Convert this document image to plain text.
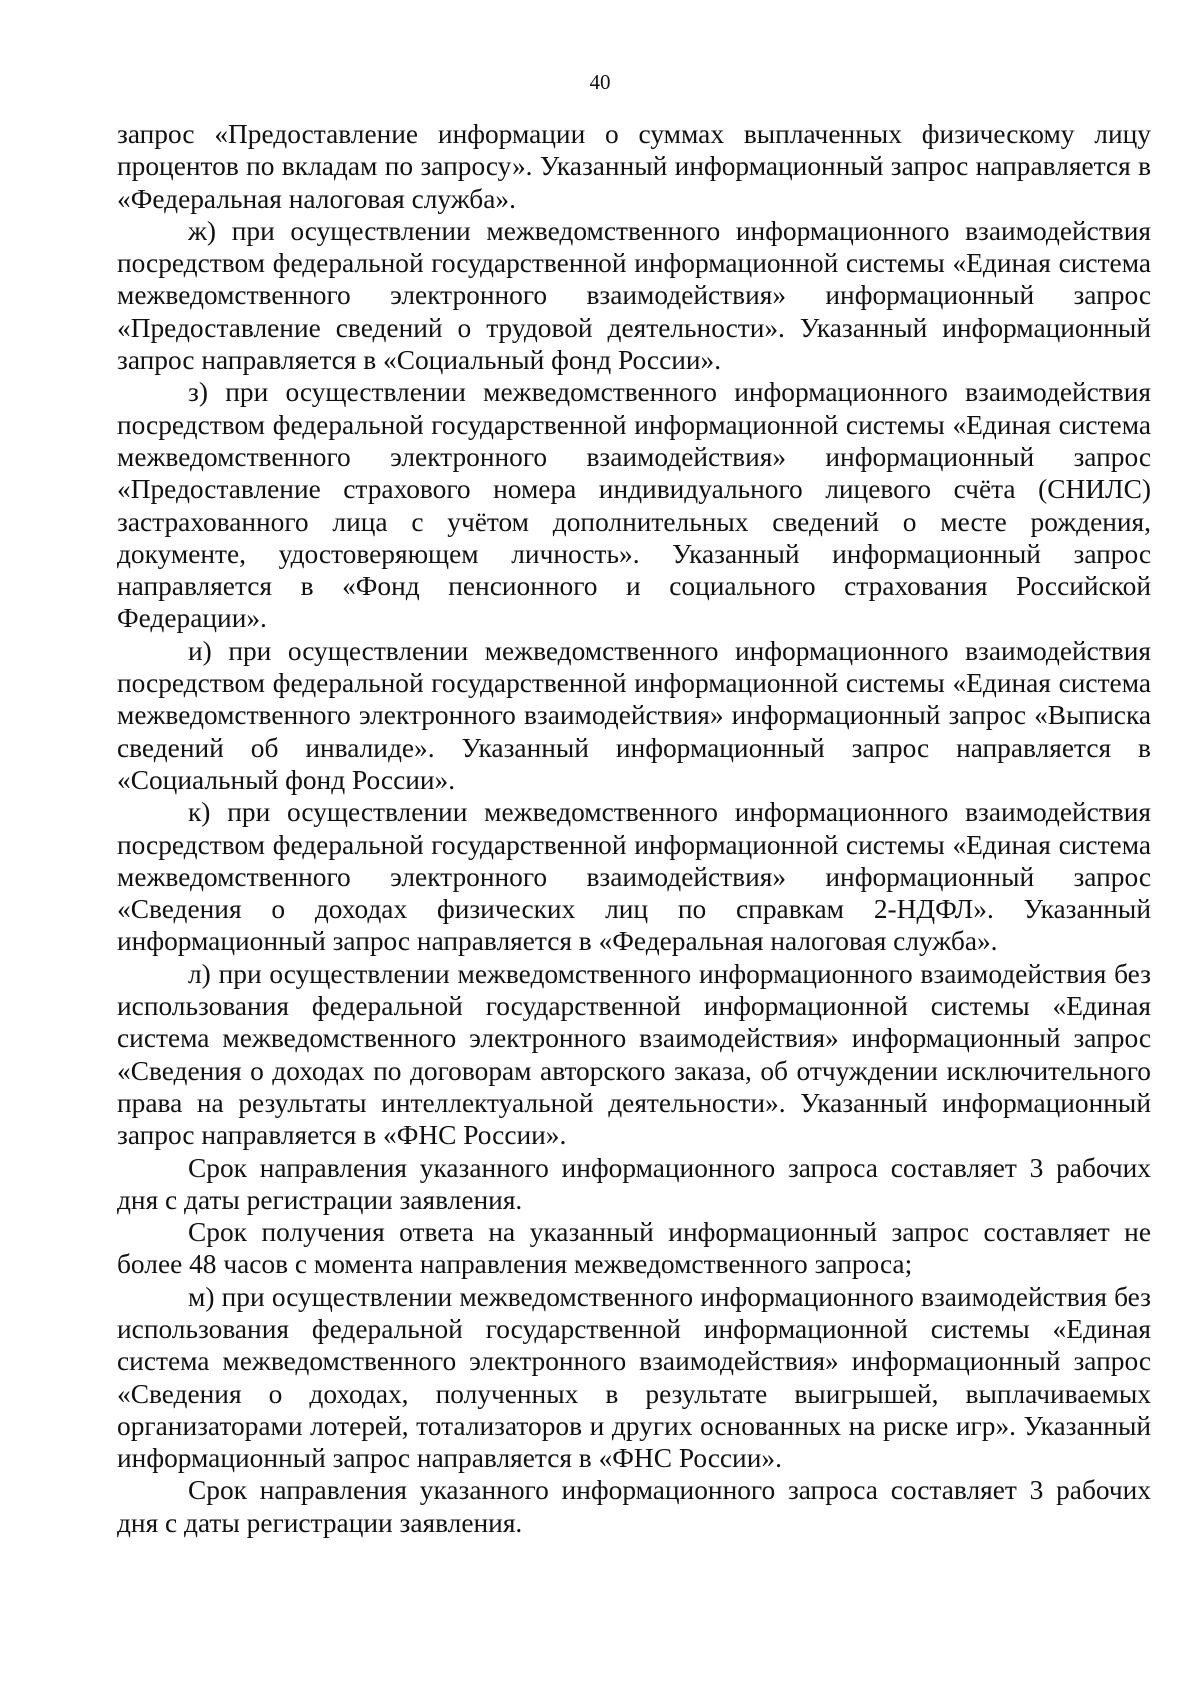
40

запрос «Предоставление информации о суммах выплаченных физическому лицу процентов по вкладам по запросу». Указанный информационный запрос направляется в «Федеральная налоговая служба».

ж) при осуществлении межведомственного информационного взаимодействия посредством федеральной государственной информационной системы «Единая система межведомственного электронного взаимодействия» информационный запрос «Предоставление сведений о трудовой деятельности». Указанный информационный запрос направляется в «Социальный фонд России».

з) при осуществлении межведомственного информационного взаимодействия посредством федеральной государственной информационной системы «Единая система межведомственного электронного взаимодействия» информационный запрос «Предоставление страхового номера индивидуального лицевого счёта (СНИЛС) застрахованного лица с учётом дополнительных сведений о месте рождения, документе, удостоверяющем личность». Указанный информационный запрос направляется в «Фонд пенсионного и социального страхования Российской Федерации».

и) при осуществлении межведомственного информационного взаимодействия посредством федеральной государственной информационной системы «Единая система межведомственного электронного взаимодействия» информационный запрос «Выписка сведений об инвалиде». Указанный информационный запрос направляется в «Социальный фонд России».

к) при осуществлении межведомственного информационного взаимодействия посредством федеральной государственной информационной системы «Единая система межведомственного электронного взаимодействия» информационный запрос «Сведения о доходах физических лиц по справкам 2-НДФЛ». Указанный информационный запрос направляется в «Федеральная налоговая служба».

л) при осуществлении межведомственного информационного взаимодействия без использования федеральной государственной информационной системы «Единая система межведомственного электронного взаимодействия» информационный запрос «Сведения о доходах по договорам авторского заказа, об отчуждении исключительного права на результаты интеллектуальной деятельности». Указанный информационный запрос направляется в «ФНС России».

Срок направления указанного информационного запроса составляет 3 рабочих дня с даты регистрации заявления.

Срок получения ответа на указанный информационный запрос составляет не более 48 часов с момента направления межведомственного запроса;

м) при осуществлении межведомственного информационного взаимодействия без использования федеральной государственной информационной системы «Единая система межведомственного электронного взаимодействия» информационный запрос «Сведения о доходах, полученных в результате выигрышей, выплачиваемых организаторами лотерей, тотализаторов и других основанных на риске игр». Указанный информационный запрос направляется в «ФНС России».

Срок направления указанного информационного запроса составляет 3 рабочих дня с даты регистрации заявления.
